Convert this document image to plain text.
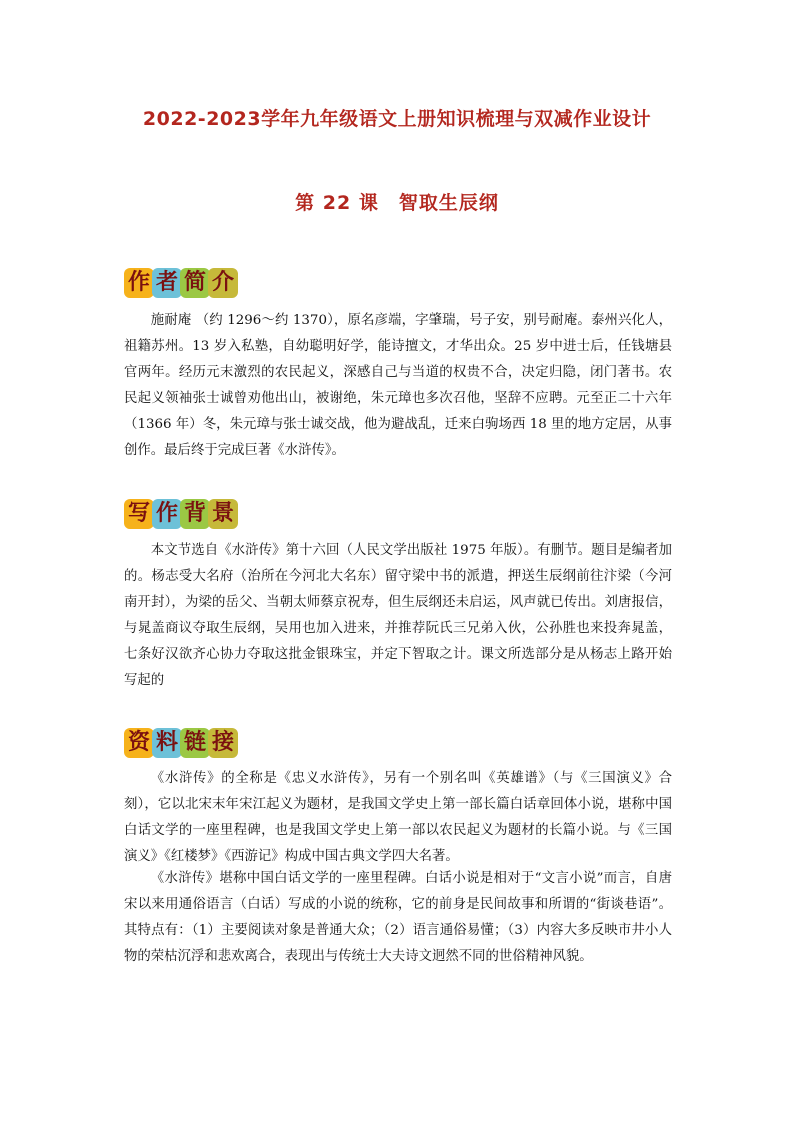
2022-2023学年九年级语文上册知识梳理与双减作业设计
第 22 课　智取生辰纲
作 者 简 介

施耐庵 （约 1296～约 1370），原名彦端，字肇瑞，号子安，别号耐庵。泰州兴化人，祖籍苏州。13 岁入私塾，自幼聪明好学，能诗擅文，才华出众。25 岁中进士后，任钱塘县官两年。经历元末激烈的农民起义，深感自己与当道的权贵不合，决定归隐，闭门著书。农民起义领袖张士诚曾劝他出山，被谢绝，朱元璋也多次召他，坚辞不应聘。元至正二十六年（1366 年）冬，朱元璋与张士诚交战，他为避战乱，迁来白驹场西 18 里的地方定居，从事创作。最后终于完成巨著《水浒传》。

写 作 背 景

本文节选自《水浒传》第十六回（人民文学出版社 1975 年版）。有删节。题目是编者加的。杨志受大名府（治所在今河北大名东）留守梁中书的派遣，押送生辰纲前往汴梁（今河南开封），为梁的岳父、当朝太师蔡京祝寿，但生辰纲还未启运，风声就已传出。刘唐报信，与晁盖商议夺取生辰纲，吴用也加入进来，并推荐阮氏三兄弟入伙，公孙胜也来投奔晁盖，七条好汉欲齐心协力夺取这批金银珠宝，并定下智取之计。课文所选部分是从杨志上路开始写起的

资 料 链 接

《水浒传》的全称是《忠义水浒传》，另有一个别名叫《英雄谱》（与《三国演义》合刻），它以北宋末年宋江起义为题材，是我国文学史上第一部长篇白话章回体小说，堪称中国白话文学的一座里程碑，也是我国文学史上第一部以农民起义为题材的长篇小说。与《三国演义》《红楼梦》《西游记》构成中国古典文学四大名著。

《水浒传》堪称中国白话文学的一座里程碑。白话小说是相对于“文言小说”而言，自唐宋以来用通俗语言（白话）写成的小说的统称，它的前身是民间故事和所谓的“街谈巷语”。其特点有：（1）主要阅读对象是普通大众；（2）语言通俗易懂；（3）内容大多反映市井小人物的荣枯沉浮和悲欢离合，表现出与传统士大夫诗文迥然不同的世俗精神风貌。
